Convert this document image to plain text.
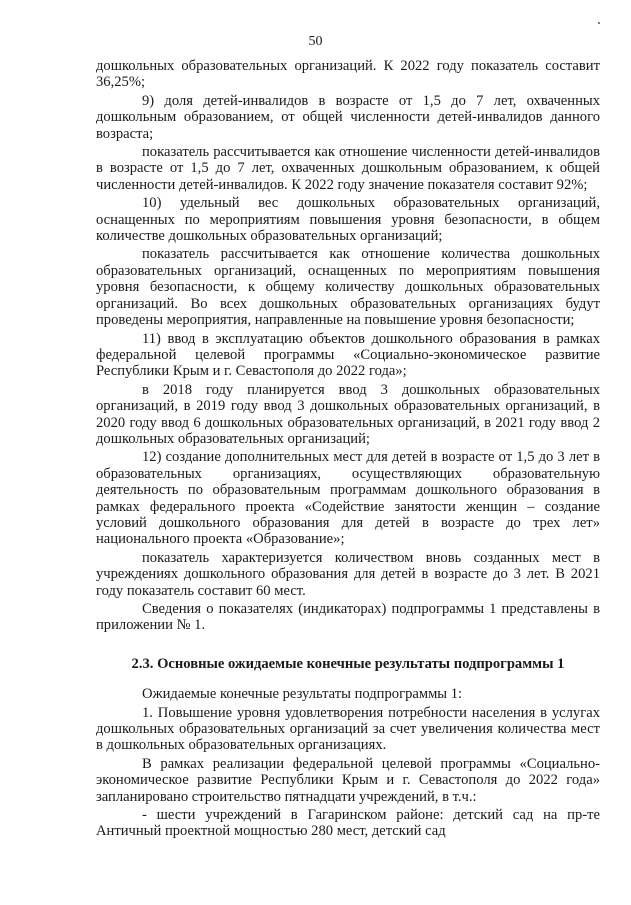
50

дошкольных образовательных организаций. К 2022 году показатель составит 36,25%;

9) доля детей-инвалидов в возрасте от 1,5 до 7 лет, охваченных дошкольным образованием, от общей численности детей-инвалидов данного возраста;

показатель рассчитывается как отношение численности детей-инвалидов в возрасте от 1,5 до 7 лет, охваченных дошкольным образованием, к общей численности детей-инвалидов. К 2022 году значение показателя составит 92%;

10) удельный вес дошкольных образовательных организаций, оснащенных по мероприятиям повышения уровня безопасности, в общем количестве дошкольных образовательных организаций;

показатель рассчитывается как отношение количества дошкольных образовательных организаций, оснащенных по мероприятиям повышения уровня безопасности, к общему количеству дошкольных образовательных организаций. Во всех дошкольных образовательных организациях будут проведены мероприятия, направленные на повышение уровня безопасности;

11) ввод в эксплуатацию объектов дошкольного образования в рамках федеральной целевой программы «Социально-экономическое развитие Республики Крым и г. Севастополя до 2022 года»;

в 2018 году планируется ввод 3 дошкольных образовательных организаций, в 2019 году ввод 3 дошкольных образовательных организаций, в 2020 году ввод 6 дошкольных образовательных организаций, в 2021 году ввод 2 дошкольных образовательных организаций;

12) создание дополнительных мест для детей в возрасте от 1,5 до 3 лет в образовательных организациях, осуществляющих образовательную деятельность по образовательным программам дошкольного образования в рамках федерального проекта «Содействие занятости женщин – создание условий дошкольного образования для детей в возрасте до трех лет» национального проекта «Образование»;

показатель характеризуется количеством вновь созданных мест в учреждениях дошкольного образования для детей в возрасте до 3 лет. В 2021 году показатель составит 60 мест.

Сведения о показателях (индикаторах) подпрограммы 1 представлены в приложении № 1.

2.3. Основные ожидаемые конечные результаты подпрограммы 1

Ожидаемые конечные результаты подпрограммы 1:

1. Повышение уровня удовлетворения потребности населения в услугах дошкольных образовательных организаций за счет увеличения количества мест в дошкольных образовательных организациях.

В рамках реализации федеральной целевой программы «Социально-экономическое развитие Республики Крым и г. Севастополя до 2022 года» запланировано строительство пятнадцати учреждений, в т.ч.:

- шести учреждений в Гагаринском районе: детский сад на пр-те Античный проектной мощностью 280 мест, детский сад
